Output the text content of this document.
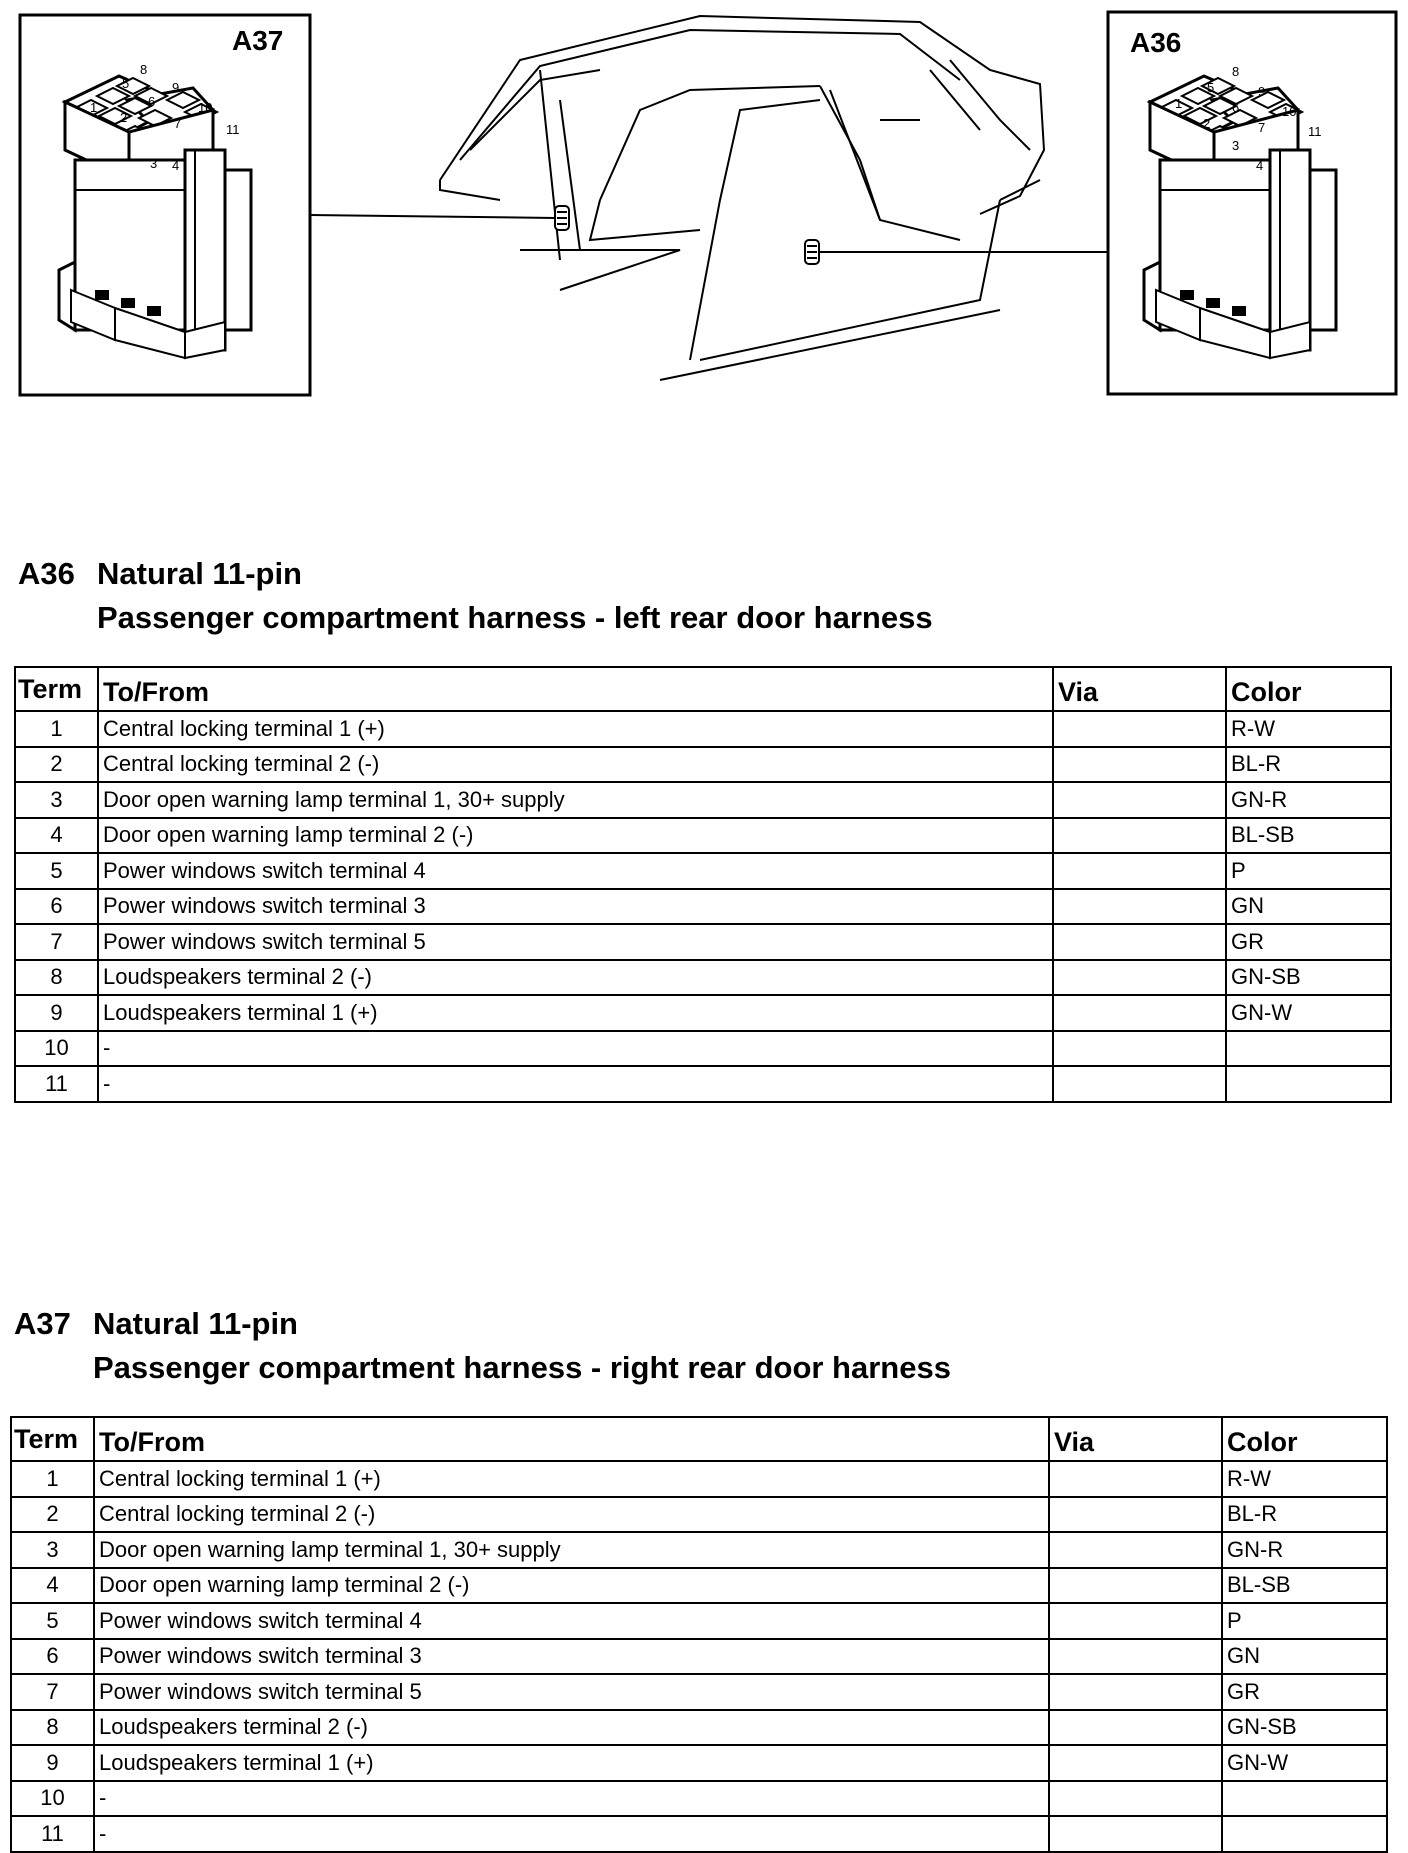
A37	A36
1
2
3 4
5
6
7
8
9
10
11
1
2
3
4
5
6
7
8
9
10
11
A36 Natural 11-pin
Passenger compartment harness - left rear door harness
Term	To/From	Via	Color
1	Central locking terminal 1 (+)		R-W
2	Central locking terminal 2 (-)		BL-R
3	Door open warning lamp terminal 1, 30+ supply		GN-R
4	Door open warning lamp terminal 2 (-)		BL-SB
5	Power windows switch terminal 4		P
6	Power windows switch terminal 3		GN
7	Power windows switch terminal 5		GR
8	Loudspeakers terminal 2 (-)		GN-SB
9	Loudspeakers terminal 1 (+)		GN-W
10	-		
11	-		
A37 Natural 11-pin
Passenger compartment harness - right rear door harness
Term	To/From	Via	Color
1	Central locking terminal 1 (+)		R-W
2	Central locking terminal 2 (-)		BL-R
3	Door open warning lamp terminal 1, 30+ supply		GN-R
4	Door open warning lamp terminal 2 (-)		BL-SB
5	Power windows switch terminal 4		P
6	Power windows switch terminal 3		GN
7	Power windows switch terminal 5		GR
8	Loudspeakers terminal 2 (-)		GN-SB
9	Loudspeakers terminal 1 (+)		GN-W
10	-		
11	-		
